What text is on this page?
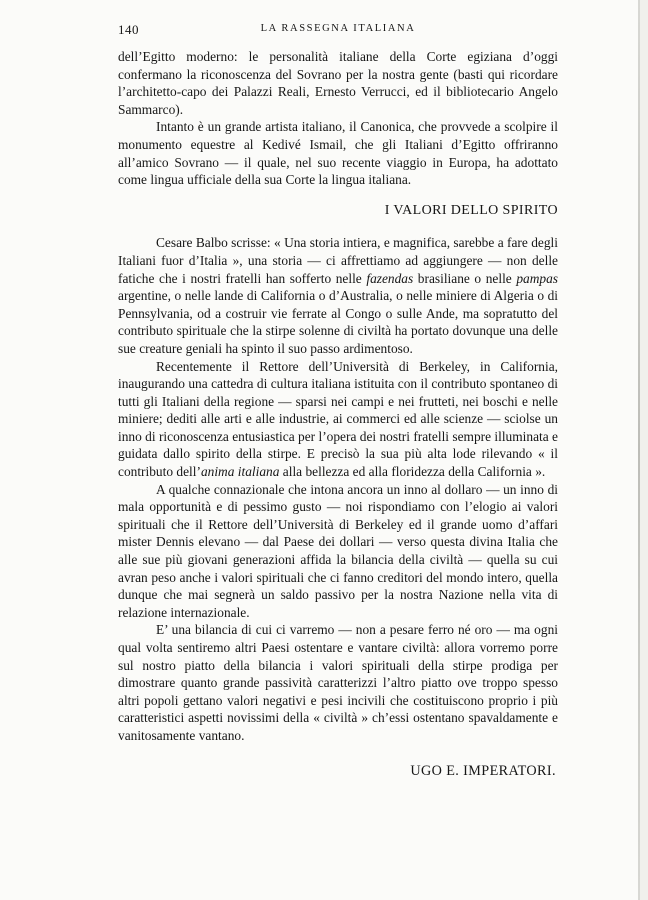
140	LA RASSEGNA ITALIANA

dell’Egitto moderno: le personalità italiane della Corte egiziana d’oggi confermano la riconoscenza del Sovrano per la nostra gente (basti qui ricordare l’architetto-capo dei Palazzi Reali, Ernesto Verrucci, ed il bibliotecario Angelo Sammarco).

Intanto è un grande artista italiano, il Canonica, che provvede a scolpire il monumento equestre al Kedivé Ismail, che gli Italiani d’Egitto offriranno all’amico Sovrano — il quale, nel suo recente viaggio in Europa, ha adottato come lingua ufficiale della sua Corte la lingua italiana.

I VALORI DELLO SPIRITO

Cesare Balbo scrisse: « Una storia intiera, e magnifica, sarebbe a fare degli Italiani fuor d’Italia », una storia — ci affrettiamo ad aggiungere — non delle fatiche che i nostri fratelli han sofferto nelle fazendas brasiliane o nelle pampas argentine, o nelle lande di California o d’Australia, o nelle miniere di Algeria o di Pennsylvania, od a costruir vie ferrate al Congo o sulle Ande, ma sopratutto del contributo spirituale che la stirpe solenne di civiltà ha portato dovunque una delle sue creature geniali ha spinto il suo passo ardimentoso.

Recentemente il Rettore dell’Università di Berkeley, in California, inaugurando una cattedra di cultura italiana istituita con il contributo spontaneo di tutti gli Italiani della regione — sparsi nei campi e nei frutteti, nei boschi e nelle miniere; dediti alle arti e alle industrie, ai commerci ed alle scienze — sciolse un inno di riconoscenza entusiastica per l’opera dei nostri fratelli sempre illuminata e guidata dallo spirito della stirpe. E precisò la sua più alta lode rilevando « il contributo dell’anima italiana alla bellezza ed alla floridezza della California ».

A qualche connazionale che intona ancora un inno al dollaro — un inno di mala opportunità e di pessimo gusto — noi rispondiamo con l’elogio ai valori spirituali che il Rettore dell’Università di Berkeley ed il grande uomo d’affari mister Dennis elevano — dal Paese dei dollari — verso questa divina Italia che alle sue più giovani generazioni affida la bilancia della civiltà — quella su cui avran peso anche i valori spirituali che ci fanno creditori del mondo intero, quella dunque che mai segnerà un saldo passivo per la nostra Nazione nella vita di relazione internazionale.

E’ una bilancia di cui ci varremo — non a pesare ferro né oro — ma ogni qual volta sentiremo altri Paesi ostentare e vantare civiltà: allora vorremo porre sul nostro piatto della bilancia i valori spirituali della stirpe prodiga per dimostrare quanto grande passività caratterizzi l’altro piatto ove troppo spesso altri popoli gettano valori negativi e pesi incivili che costituiscono proprio i più caratteristici aspetti novissimi della « civiltà » ch’essi ostentano spavaldamente e vanitosamente vantano.

UGO E. IMPERATORI.
